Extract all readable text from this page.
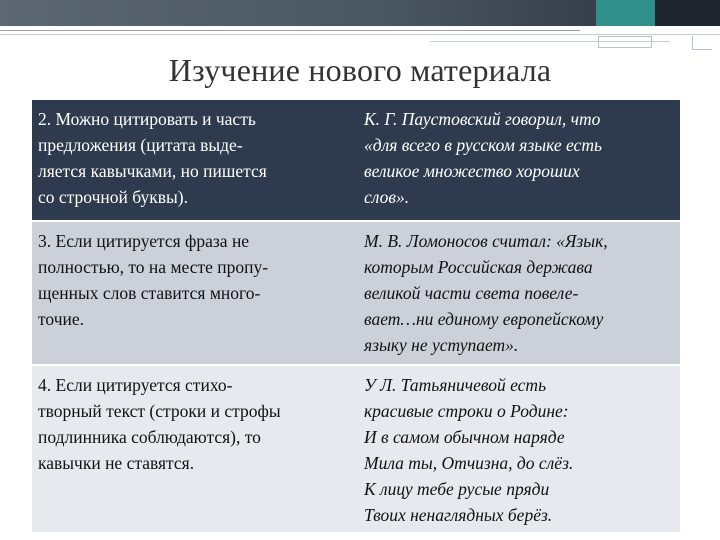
Изучение нового материала
2. Можно цитировать и часть
предложения (цитата выде-
ляется кавычками, но пишется
со строчной буквы).
К. Г. Паустовский говорил, что
«для всего в русском языке есть
великое множество хороших
слов».
3. Если цитируется фраза не
полностью, то на месте пропу-
щенных слов ставится много-
точие.
М. В. Ломоносов считал: «Язык,
которым Российская держава
великой части света повеле-
вает…ни единому европейскому
языку не уступает».
4. Если цитируется стихо-
творный текст (строки и строфы
подлинника соблюдаются), то
кавычки не ставятся.
У Л. Татьяничевой есть
красивые строки о Родине:
И в самом обычном наряде
Мила ты, Отчизна, до слёз.
К лицу тебе русые пряди
Твоих ненаглядных берёз.
